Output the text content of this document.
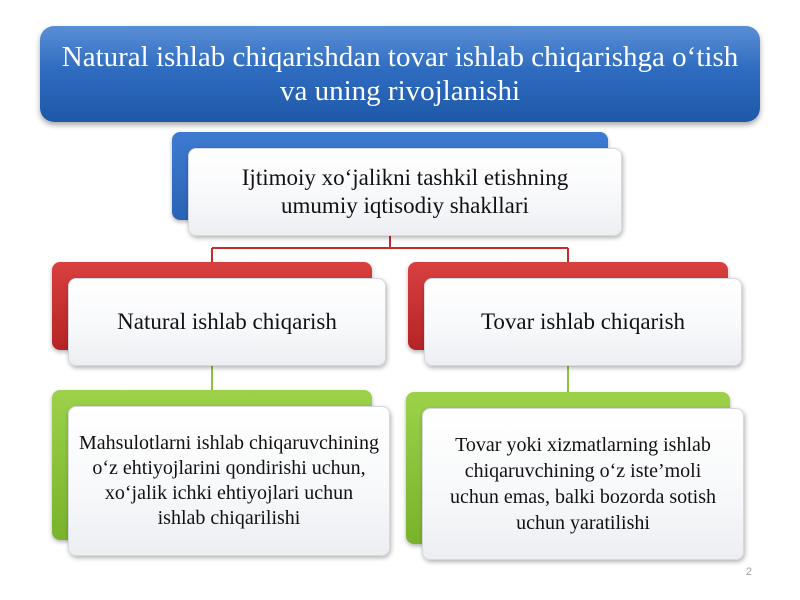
Natural ishlab chiqarishdan tovar ishlab chiqarishga o‘tish va uning rivojlanishi
Ijtimoiy xo‘jalikni tashkil etishning umumiy iqtisodiy shakllari
Natural ishlab chiqarish	Tovar ishlab chiqarish
Mahsulotlarni ishlab chiqaruvchining o‘z ehtiyojlarini qondirishi uchun, xo‘jalik ichki ehtiyojlari uchun ishlab chiqarilishi
Tovar yoki xizmatlarning ishlab chiqaruvchining o‘z iste’moli uchun emas, balki bozorda sotish uchun yaratilishi
2
